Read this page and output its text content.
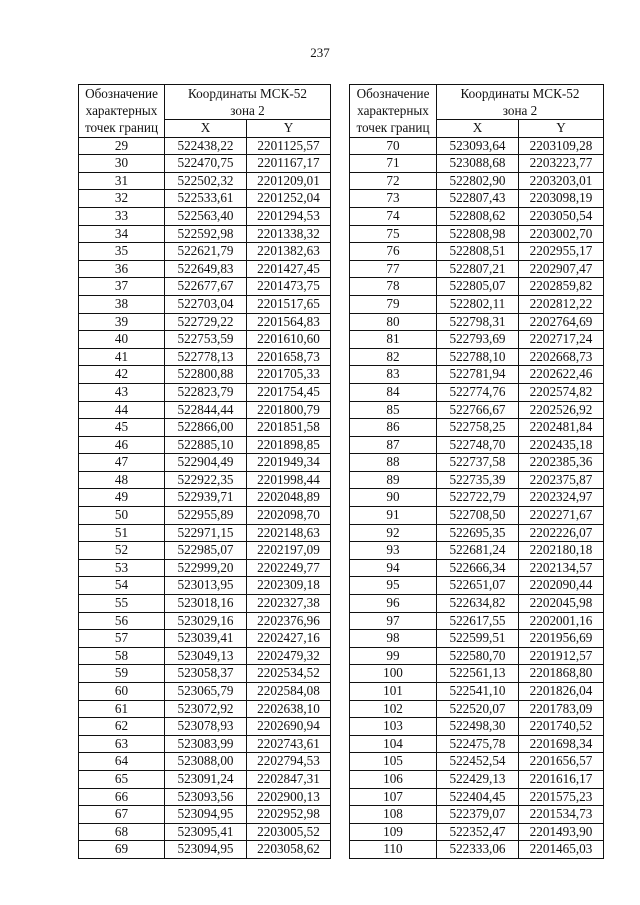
237
Обозначение
характерных
точек границ	Координаты МСК-52
зона 2	
	X	Y
29	522438,22	2201125,57
30	522470,75	2201167,17
31	522502,32	2201209,01
32	522533,61	2201252,04
33	522563,40	2201294,53
34	522592,98	2201338,32
35	522621,79	2201382,63
36	522649,83	2201427,45
37	522677,67	2201473,75
38	522703,04	2201517,65
39	522729,22	2201564,83
40	522753,59	2201610,60
41	522778,13	2201658,73
42	522800,88	2201705,33
43	522823,79	2201754,45
44	522844,44	2201800,79
45	522866,00	2201851,58
46	522885,10	2201898,85
47	522904,49	2201949,34
48	522922,35	2201998,44
49	522939,71	2202048,89
50	522955,89	2202098,70
51	522971,15	2202148,63
52	522985,07	2202197,09
53	522999,20	2202249,77
54	523013,95	2202309,18
55	523018,16	2202327,38
56	523029,16	2202376,96
57	523039,41	2202427,16
58	523049,13	2202479,32
59	523058,37	2202534,52
60	523065,79	2202584,08
61	523072,92	2202638,10
62	523078,93	2202690,94
63	523083,99	2202743,61
64	523088,00	2202794,53
65	523091,24	2202847,31
66	523093,56	2202900,13
67	523094,95	2202952,98
68	523095,41	2203005,52
69	523094,95	2203058,62
Обозначение
характерных
точек границ	Координаты МСК-52
зона 2	
	X	Y
70	523093,64	2203109,28
71	523088,68	2203223,77
72	522802,90	2203203,01
73	522807,43	2203098,19
74	522808,62	2203050,54
75	522808,98	2203002,70
76	522808,51	2202955,17
77	522807,21	2202907,47
78	522805,07	2202859,82
79	522802,11	2202812,22
80	522798,31	2202764,69
81	522793,69	2202717,24
82	522788,10	2202668,73
83	522781,94	2202622,46
84	522774,76	2202574,82
85	522766,67	2202526,92
86	522758,25	2202481,84
87	522748,70	2202435,18
88	522737,58	2202385,36
89	522735,39	2202375,87
90	522722,79	2202324,97
91	522708,50	2202271,67
92	522695,35	2202226,07
93	522681,24	2202180,18
94	522666,34	2202134,57
95	522651,07	2202090,44
96	522634,82	2202045,98
97	522617,55	2202001,16
98	522599,51	2201956,69
99	522580,70	2201912,57
100	522561,13	2201868,80
101	522541,10	2201826,04
102	522520,07	2201783,09
103	522498,30	2201740,52
104	522475,78	2201698,34
105	522452,54	2201656,57
106	522429,13	2201616,17
107	522404,45	2201575,23
108	522379,07	2201534,73
109	522352,47	2201493,90
110	522333,06	2201465,03
